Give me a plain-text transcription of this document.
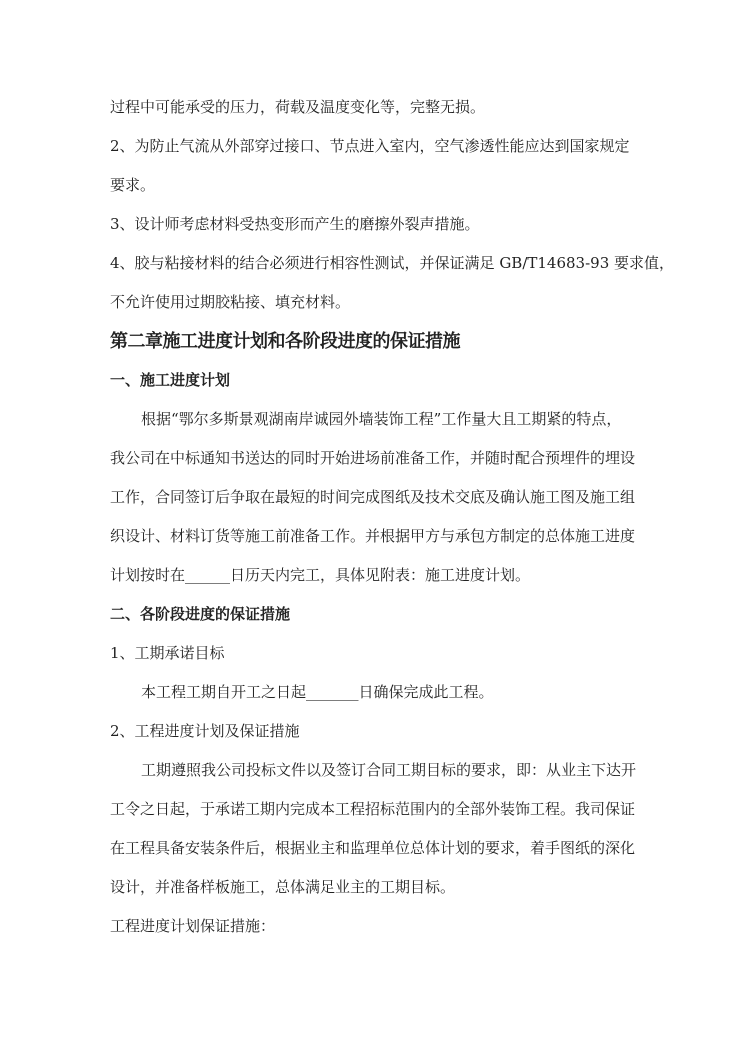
过程中可能承受的压力，荷载及温度变化等，完整无损。
2、为防止气流从外部穿过接口、节点进入室内，空气渗透性能应达到国家规定
要求。
3、设计师考虑材料受热变形而产生的磨擦外裂声措施。
4、胶与粘接材料的结合必须进行相容性测试，并保证满足 GB/T14683-93 要求值，
不允许使用过期胶粘接、填充材料。
第二章施工进度计划和各阶段进度的保证措施
一、施工进度计划
根据“鄂尔多斯景观湖南岸诚园外墙装饰工程”工作量大且工期紧的特点，
我公司在中标通知书送达的同时开始进场前准备工作，并随时配合预埋件的埋设
工作，合同签订后争取在最短的时间完成图纸及技术交底及确认施工图及施工组
织设计、材料订货等施工前准备工作。并根据甲方与承包方制定的总体施工进度
计划按时在______日历天内完工，具体见附表：施工进度计划。
二、各阶段进度的保证措施
1、工期承诺目标
本工程工期自开工之日起_______日确保完成此工程。
2、工程进度计划及保证措施
工期遵照我公司投标文件以及签订合同工期目标的要求，即：从业主下达开
工令之日起，于承诺工期内完成本工程招标范围内的全部外装饰工程。我司保证
在工程具备安装条件后，根据业主和监理单位总体计划的要求，着手图纸的深化
设计，并准备样板施工，总体满足业主的工期目标。
工程进度计划保证措施：
